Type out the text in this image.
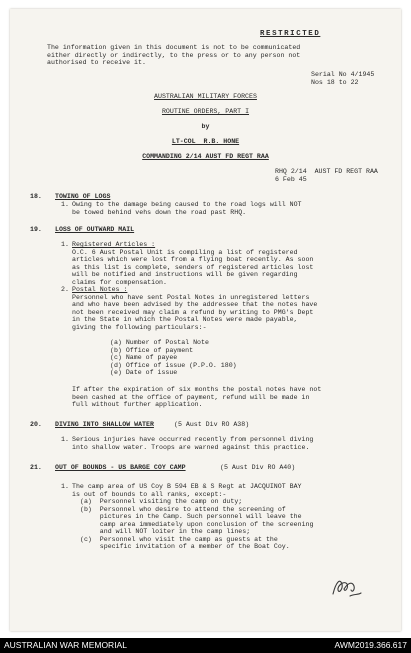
RESTRICTED
The information given in this document is not to be communicated
either directly or indirectly, to the press or to any person not
authorised to receive it.
Serial No 4/1945
Nos 18 to 22
AUSTRALIAN MILITARY FORCES
ROUTINE ORDERS, PART I
by
LT-COL  R.B. HONE
COMMANDING 2/14 AUST FD REGT RAA
RHQ 2/14  AUST FD REGT RAA
6 Feb 45
18. TOWING OF LOGS
1. Owing to the damage being caused to the road logs will NOT
be towed behind vehs down the road past RHQ.
19. LOSS OF OUTWARD MAIL
1. Registered Articles :
O.C. 6 Aust Postal Unit is compiling a list of registered
articles which were lost from a flying boat recently. As soon
as this list is complete, senders of registered articles lost
will be notified and instructions will be given regarding
claims for compensation.
2. Postal Notes :
Personnel who have sent Postal Notes in unregistered letters
and who have been advised by the addressee that the notes have
not been received may claim a refund by writing to PMG's Dept
in the State in which the Postal Notes were made payable,
giving the following particulars:-
(a) Number of Postal Note
(b) Office of payment
(c) Name of payee
(d) Office of issue (P.P.O. 180)
(e) Date of issue
If after the expiration of six months the postal notes have not
been cashed at the office of payment, refund will be made in
full without further application.
20. DIVING INTO SHALLOW WATER	(5 Aust Div RO A38)
1. Serious injuries have occurred recently from personnel diving
into shallow water. Troops are warned against this practice.
21. OUT OF BOUNDS - US BARGE COY CAMP	(5 Aust Div RO A40)
1. The camp area of US Coy B 594 EB & S Regt at JACQUINOT BAY
is out of bounds to all ranks, except:-
(a)  Personnel visiting the camp on duty;
(b)  Personnel who desire to attend the screening of
pictures in the Camp. Such personnel will leave the
camp area immediately upon conclusion of the screening
and will NOT loiter in the camp lines;
(c)  Personnel who visit the camp as guests at the
specific invitation of a member of the Boat Coy.

AUSTRALIAN WAR MEMORIAL	AWM2019.366.617
